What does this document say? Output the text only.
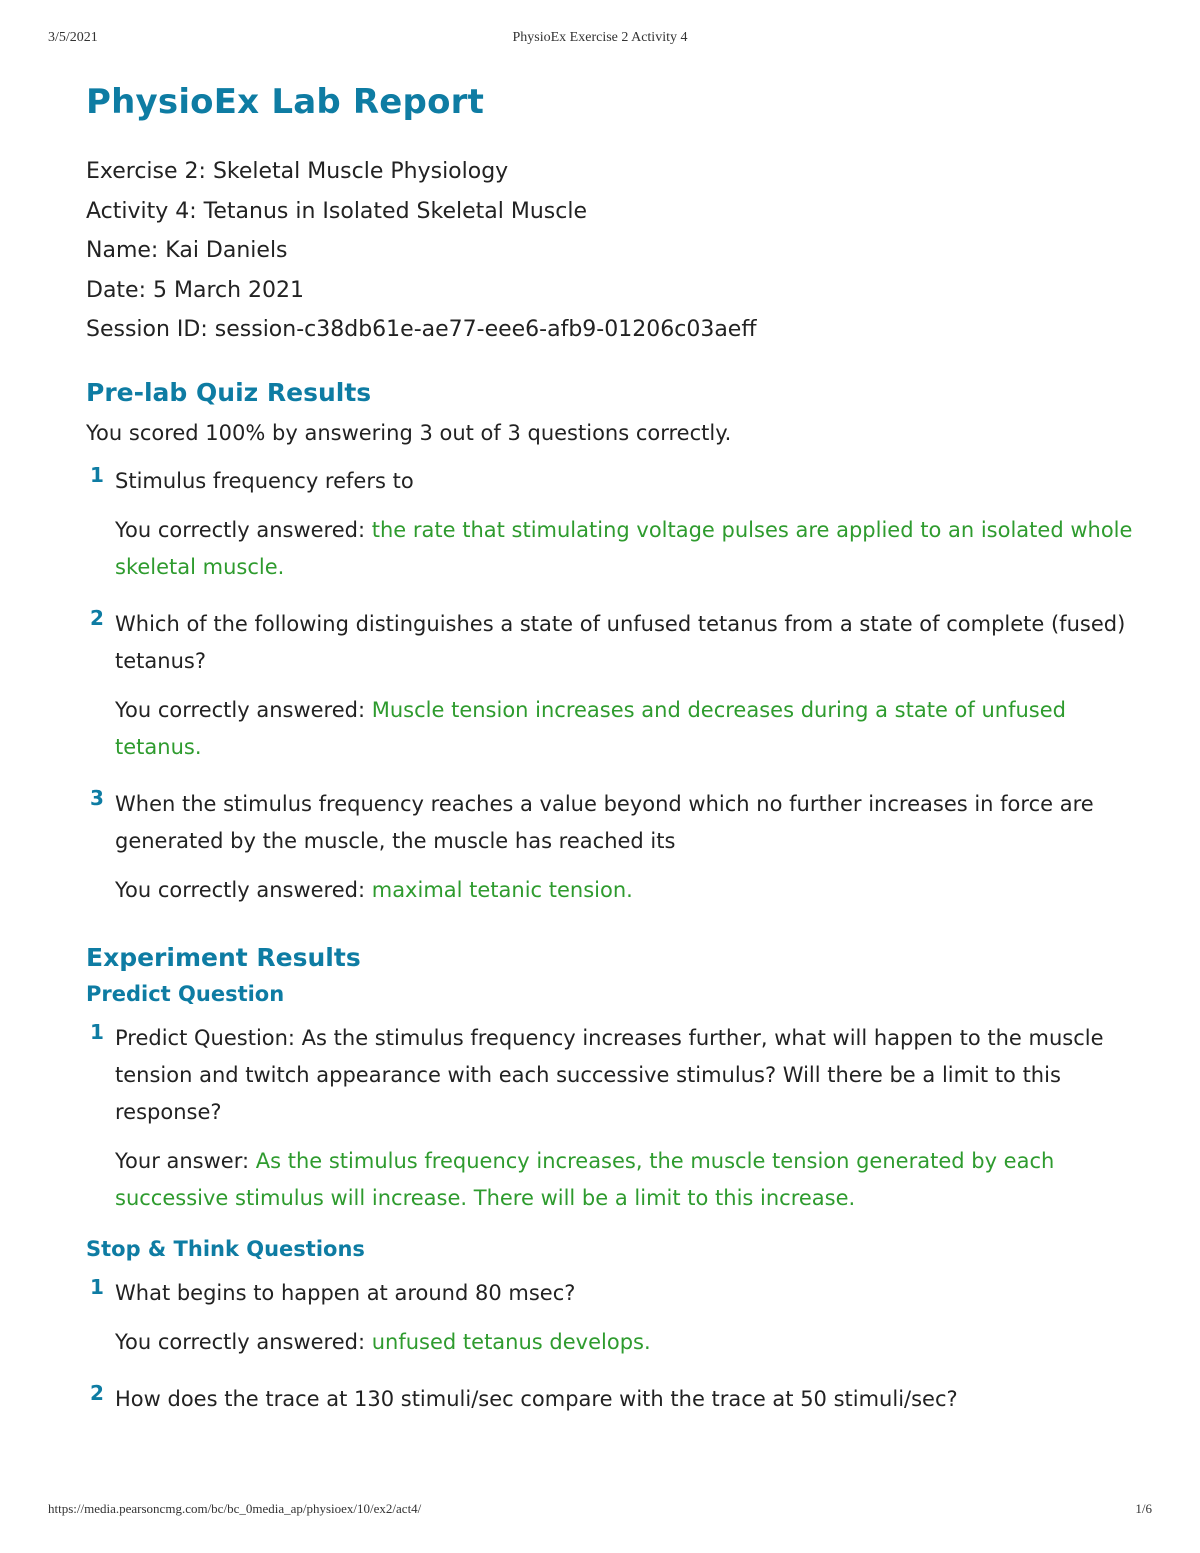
3/5/2021	PhysioEx Exercise 2 Activity 4
PhysioEx Lab Report
Exercise 2: Skeletal Muscle Physiology
Activity 4: Tetanus in Isolated Skeletal Muscle
Name: Kai Daniels
Date: 5 March 2021
Session ID: session-c38db61e-ae77-eee6-afb9-01206c03aeff
Pre-lab Quiz Results
You scored 100% by answering 3 out of 3 questions correctly.
1 Stimulus frequency refers to
You correctly answered: the rate that stimulating voltage pulses are applied to an isolated whole skeletal muscle.
2 Which of the following distinguishes a state of unfused tetanus from a state of complete (fused) tetanus?
You correctly answered: Muscle tension increases and decreases during a state of unfused tetanus.
3 When the stimulus frequency reaches a value beyond which no further increases in force are generated by the muscle, the muscle has reached its
You correctly answered: maximal tetanic tension.
Experiment Results
Predict Question
1 Predict Question: As the stimulus frequency increases further, what will happen to the muscle tension and twitch appearance with each successive stimulus? Will there be a limit to this response?
Your answer: As the stimulus frequency increases, the muscle tension generated by each successive stimulus will increase. There will be a limit to this increase.
Stop & Think Questions
1 What begins to happen at around 80 msec?
You correctly answered: unfused tetanus develops.
2 How does the trace at 130 stimuli/sec compare with the trace at 50 stimuli/sec?
https://media.pearsoncmg.com/bc/bc_0media_ap/physioex/10/ex2/act4/	1/6
